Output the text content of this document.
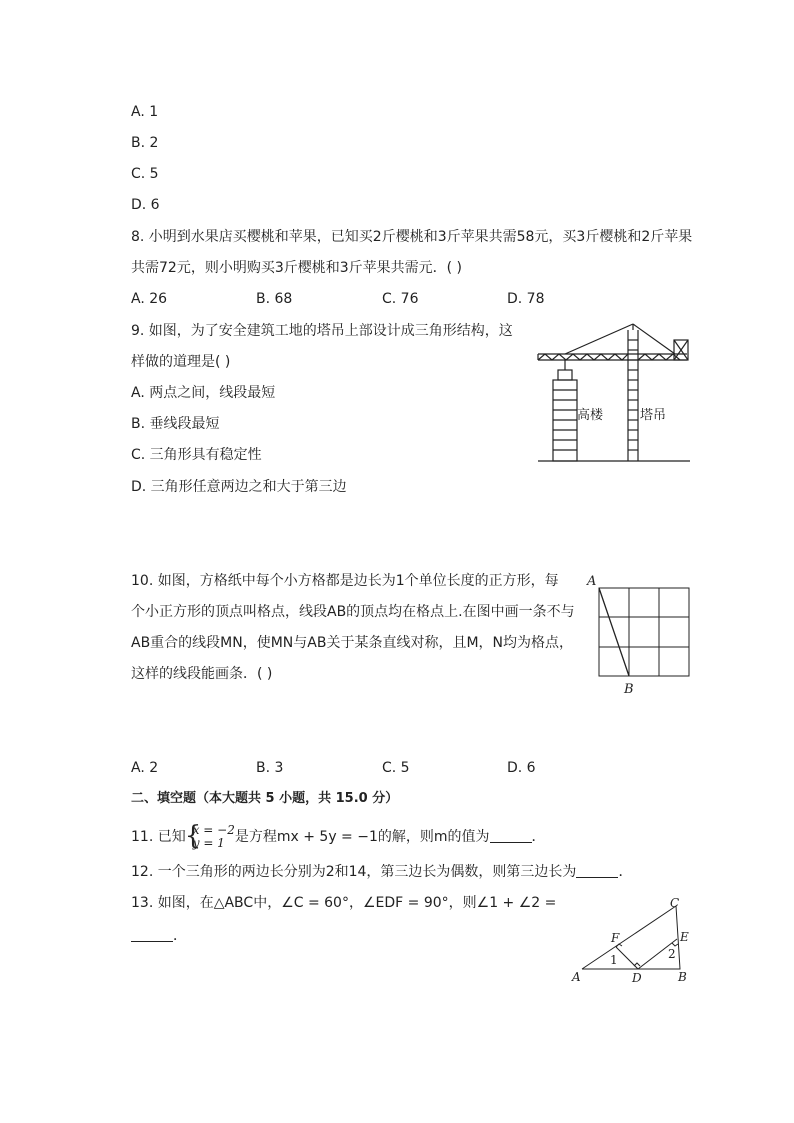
A. 1
B. 2
C. 5
D. 6
8. 小明到水果店买樱桃和苹果，已知买2斤樱桃和3斤苹果共需58元，买3斤樱桃和2斤苹果
共需72元，则小明购买3斤樱桃和3斤苹果共需元．( )
A. 26	B. 68	C. 76	D. 78
9. 如图，为了安全建筑工地的塔吊上部设计成三角形结构，这
样做的道理是( )
A. 两点之间，线段最短
B. 垂线段最短
C. 三角形具有稳定性
D. 三角形任意两边之和大于第三边
高楼	塔吊
10. 如图，方格纸中每个小方格都是边长为1个单位长度的正方形，每
个小正方形的顶点叫格点，线段AB的顶点均在格点上.在图中画一条不与
AB重合的线段MN，使MN与AB关于某条直线对称，且M，N均为格点，
这样的线段能画条．( )
A
B
A. 2	B. 3	C. 5	D. 6
二、填空题（本大题共 5 小题，共 15.0 分）
11. 已知 {
x = −2
y = 1 是方程mx + 5y = −1的解，则m的值为	．
12. 一个三角形的两边长分别为2和14，第三边长为偶数，则第三边长为	．
13. 如图，在△ABC中，∠C = 60°，∠EDF = 90°，则∠1 + ∠2 =
．
C
F	E
1	2
A	D	B
